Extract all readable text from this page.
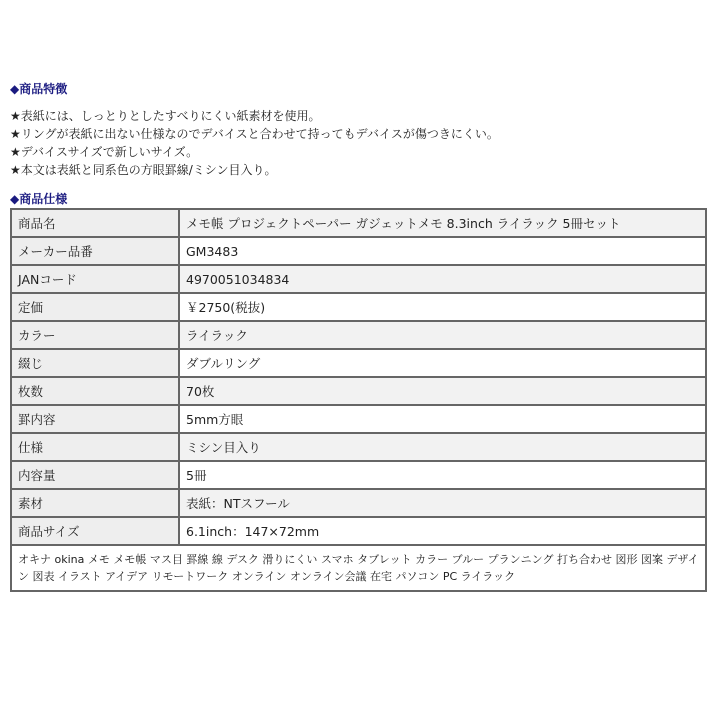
◆商品特徴
★表紙には、しっとりとしたすべりにくい紙素材を使用。
★リングが表紙に出ない仕様なのでデバイスと合わせて持ってもデバイスが傷つきにくい。
★デバイスサイズで新しいサイズ。
★本文は表紙と同系色の方眼罫線/ミシン目入り。
◆商品仕様
商品名	メモ帳 プロジェクトペーパー ガジェットメモ 8.3inch ライラック 5冊セット
メーカー品番	GM3483
JANコード	4970051034834
定価	￥2750(税抜)
カラー	ライラック
綴じ	ダブルリング
枚数	70枚
罫内容	5mm方眼
仕様	ミシン目入り
内容量	5冊
素材	表紙：NTスフール
商品サイズ	6.1inch：147×72mm
オキナ okina メモ メモ帳 マス目 罫線 線 デスク 滑りにくい スマホ タブレット カラー ブルー プランニング 打ち合わせ 図形 図案 デザイン 図表 イラスト アイデア リモートワーク オンライン オンライン会議 在宅 パソコン PC ライラック	
